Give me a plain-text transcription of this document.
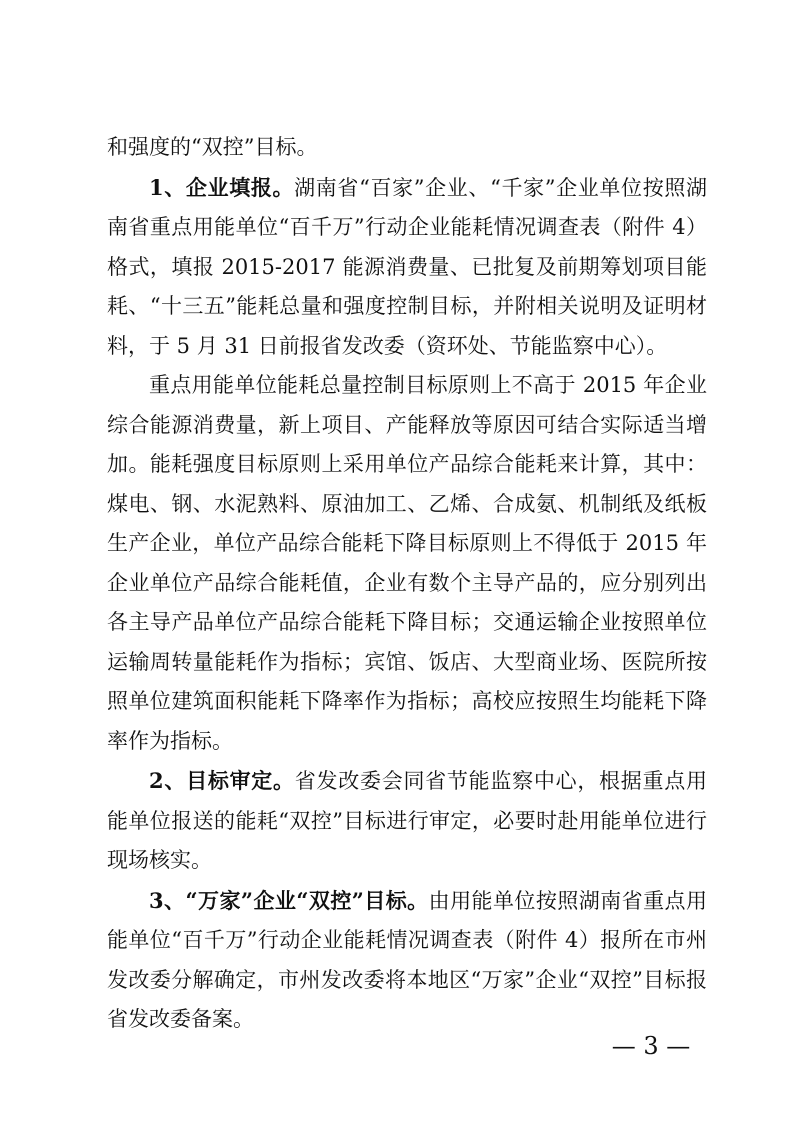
和强度的“双控”目标。

1、企业填报。湖南省“百家”企业、“千家”企业单位按照湖南省重点用能单位“百千万”行动企业能耗情况调查表（附件 4）格式，填报 2015-2017 能源消费量、已批复及前期筹划项目能耗、“十三五”能耗总量和强度控制目标，并附相关说明及证明材料，于 5 月 31 日前报省发改委（资环处、节能监察中心）。

重点用能单位能耗总量控制目标原则上不高于 2015 年企业综合能源消费量，新上项目、产能释放等原因可结合实际适当增加。能耗强度目标原则上采用单位产品综合能耗来计算，其中：煤电、钢、水泥熟料、原油加工、乙烯、合成氨、机制纸及纸板生产企业，单位产品综合能耗下降目标原则上不得低于 2015 年企业单位产品综合能耗值，企业有数个主导产品的，应分别列出各主导产品单位产品综合能耗下降目标；交通运输企业按照单位运输周转量能耗作为指标；宾馆、饭店、大型商业场、医院所按照单位建筑面积能耗下降率作为指标；高校应按照生均能耗下降率作为指标。

2、目标审定。省发改委会同省节能监察中心，根据重点用能单位报送的能耗“双控”目标进行审定，必要时赴用能单位进行现场核实。

3、“万家”企业“双控”目标。由用能单位按照湖南省重点用能单位“百千万”行动企业能耗情况调查表（附件 4）报所在市州发改委分解确定，市州发改委将本地区“万家”企业“双控”目标报省发改委备案。

— 3 —
